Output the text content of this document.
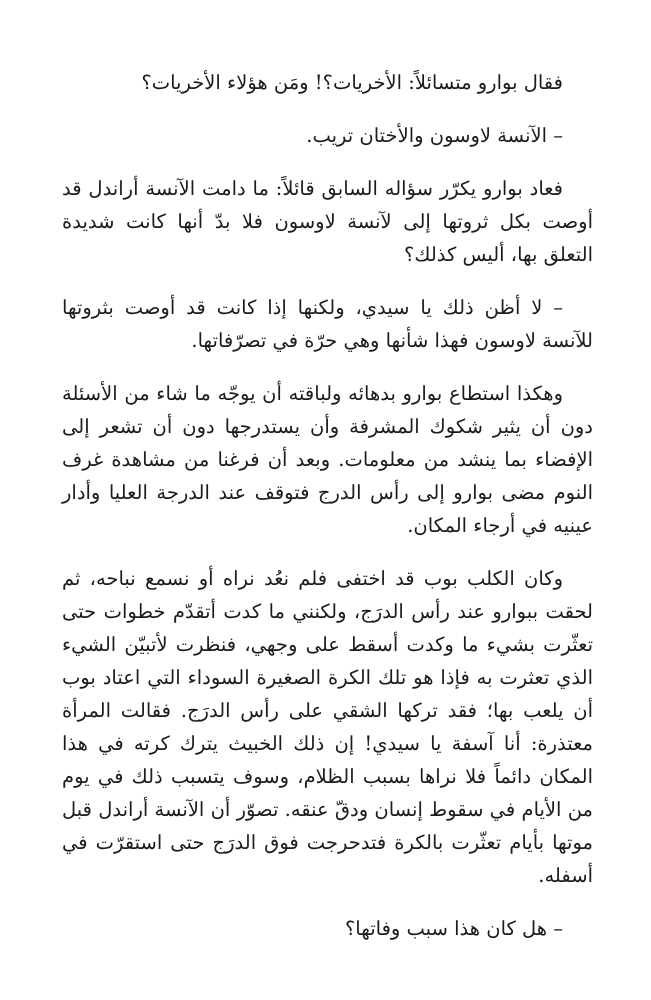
فقال بوارو متسائلاً: الأخريات؟! ومَن هؤلاء الأخريات؟

– الآنسة لاوسون والأختان تريب.

فعاد بوارو يكرّر سؤاله السابق قائلاً: ما دامت الآنسة أراندل قد أوصت بكل ثروتها إلى لآنسة لاوسون فلا بدّ أنها كانت شديدة التعلق بها، أليس كذلك؟

– لا أظن ذلك يا سيدي، ولكنها إذا كانت قد أوصت بثروتها للآنسة لاوسون فهذا شأنها وهي حرّة في تصرّفاتها.

وهكذا استطاع بوارو بدهائه ولباقته أن يوجّه ما شاء من الأسئلة دون أن يثير شكوك المشرفة وأن يستدرجها دون أن تشعر إلى الإفضاء بما ينشد من معلومات. وبعد أن فرغنا من مشاهدة غرف النوم مضى بوارو إلى رأس الدرج فتوقف عند الدرجة العليا وأدار عينيه في أرجاء المكان.

وكان الكلب بوب قد اختفى فلم نعُد نراه أو نسمع نباحه، ثم لحقت ببوارو عند رأس الدرَج، ولكنني ما كدت أتقدّم خطوات حتى تعثّرت بشيء ما وكدت أسقط على وجهي، فنظرت لأتبيّن الشيء الذي تعثرت به فإذا هو تلك الكرة الصغيرة السوداء التي اعتاد بوب أن يلعب بها؛ فقد تركها الشقي على رأس الدرَج. فقالت المرأة معتذرة: أنا آسفة يا سيدي! إن ذلك الخبيث يترك كرته في هذا المكان دائماً فلا نراها بسبب الظلام، وسوف يتسبب ذلك في يوم من الأيام في سقوط إنسان ودقّ عنقه. تصوّر أن الآنسة أراندل قبل موتها بأيام تعثّرت بالكرة فتدحرجت فوق الدرَج حتى استقرّت في أسفله.

– هل كان هذا سبب وفاتها؟
